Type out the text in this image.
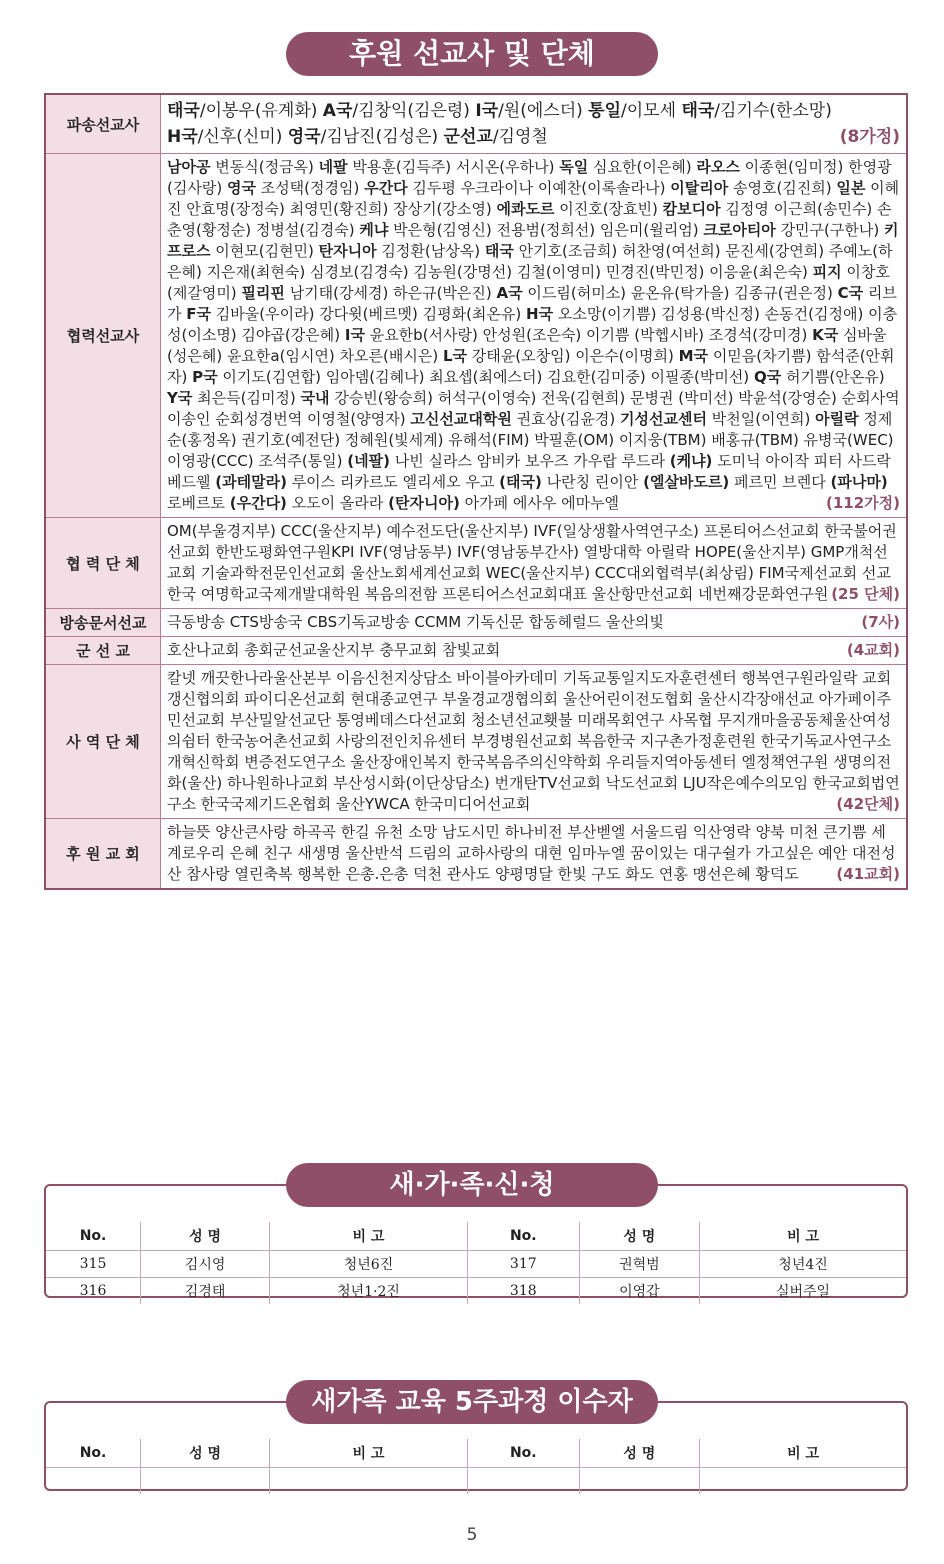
후원 선교사 및 단체
파송선교사	태국/이봉우(유계화) A국/김창익(김은령) I국/원(에스더) 통일/이모세 태국/김기수(한소망)
H국/신후(신미) 영국/김남진(김성은) 군선교/김영철 (8가정)

협력선교사	남아공 변동식(정금옥) 네팔 박용훈(김득주) 서시온(우하나) 독일 심요한(이은혜) 라오스 이종현(임미정) 한영광(김사랑) 영국 조성택(정경임) 우간다 김두평 우크라이나 이예찬(이록솔라나) 이탈리아 송영호(김진희) 일본 이혜진 안효명(장정숙) 최영민(황진희) 장상기(강소영) 에콰도르 이진호(장효빈) 캄보디아 김정영 이근희(송민수) 손춘영(황정순) 정병설(김경숙) 케냐 박은형(김영신) 전용범(정희선) 임은미(윌리엄) 크로아티아 강민구(구한나) 키프로스 이현모(김현민) 탄자니아 김정환(남상옥) 태국 안기호(조금희) 허찬영(여선희) 문진세(강연희) 주예노(하은혜) 지은재(최현숙) 심경보(김경숙) 김농원(강명선) 김철(이영미) 민경진(박민정) 이응윤(최은숙) 피지 이창호(제갈영미) 필리핀 남기태(강세경) 하은규(박은진) A국 이드림(허미소) 윤온유(탁가을) 김종규(권은정) C국 리브가 F국 김바울(우이라) 강다윗(베르멧) 김평화(최온유) H국 오소망(이기쁨) 김성용(박신정) 손동건(김정애) 이충성(이소명) 김야곱(강은혜) I국 윤요한b(서사랑) 안성원(조은숙) 이기쁨 (박헵시바) 조경석(강미경) K국 심바울(성은혜) 윤요한a(임시연) 차오른(배시은) L국 강태윤(오창임) 이은수(이명희) M국 이믿음(차기쁨) 함석준(안휘자) P국 이기도(김연합) 임아뎀(김혜나) 최요셉(최에스더) 김요한(김미중) 이필종(박미선) Q국 허기쁨(안온유) Y국 최은득(김미정) 국내 강승빈(왕승희) 허석구(이영숙) 전욱(김현희) 문병권 (박미선) 박윤석(강영순) 순회사역 이송인 순회성경번역 이영철(양영자) 고신선교대학원 권효상(김윤경) 기성선교센터 박천일(이연희) 아릴락 정제순(홍정옥) 권기호(예전단) 정혜원(빛세계) 유해석(FIM) 박필훈(OM) 이지웅(TBM) 배홍규(TBM) 유병국(WEC) 이영광(CCC) 조석주(통일) (네팔) 나빈 실라스 암비카 보우즈 가우랍 루드라 (케냐) 도미닉 아이작 피터 사드락 베드웰 (과테말라) 루이스 리카르도 엘리세오 우고 (태국) 나란칭 린이안 (엘살바도르) 페르민 브렌다 (파나마) 로베르토 (우간다) 오도이 올라라 (탄자니아) 아가페 에사우 에마누엘 (112가정)

협 력 단 체	OM(부울경지부) CCC(울산지부) 예수전도단(울산지부) IVF(일상생활사역연구소) 프론티어스선교회 한국불어권선교회 한반도평화연구원KPI IVF(영남동부) IVF(영남동부간사) 열방대학 아릴락 HOPE(울산지부) GMP개척선교회 기술과학전문인선교회 울산노회세계선교회 WEC(울산지부) CCC대외협력부(최상림) FIM국제선교회 선교한국 여명학교국제개발대학원 복음의전함 프론티어스선교회대표 울산항만선교회 네번째강문화연구원 (25 단체)

방송문서선교	극동방송 CTS방송국 CBS기독교방송 CCMM 기독신문 합동헤럴드 울산의빛 (7사)

군 선 교	호산나교회 총회군선교울산지부 충무교회 참빛교회 (4교회)

사 역 단 체	칼넷 깨끗한나라울산본부 이음신천지상담소 바이블아카데미 기독교통일지도자훈련센터 행복연구원라일락 교회갱신협의회 파이디온선교회 현대종교연구 부울경교갱협의회 울산어린이전도협회 울산시각장애선교 아가페이주민선교회 부산밀알선교단 통영베데스다선교회 청소년선교횃불 미래목회연구 사목협 무지개마을공동체울산여성의쉼터 한국농어촌선교회 사랑의전인치유센터 부경병원선교회 복음한국 지구촌가정훈련원 한국기독교사연구소 개혁신학회 변증전도연구소 울산장애인복지 한국복음주의신약학회 우리들지역아동센터 엘정책연구원 생명의전화(울산) 하나원하나교회 부산성시화(이단상담소) 번개탄TV선교회 낙도선교회 LJU작은예수의모임 한국교회법연구소 한국국제기드온협회 울산YWCA 한국미디어선교회 (42단체)

후 원 교 회	하늘뜻 양산큰사랑 하곡곡 한길 유천 소망 남도시민 하나비전 부산벧엘 서울드림 익산영락 양북 미천 큰기쁨 세계로우리 은혜 친구 새생명 울산반석 드림의 교하사랑의 대현 임마누엘 꿈이있는 대구쉴가 가고싶은 예안 대전성산 참사랑 열린축복 행복한 은총.은총 덕천 관사도 양평명달 한빛 구도 화도 연홍 맹선은혜 황덕도 (41교회)
No.	성 명	비 고	No.	성 명	비 고
315	김시영	청년6진	317	권혁범	청년4진
316	김경태	청년1·2진	318	이영갑	실버주일
새·가·족·신·청
No.	성 명	비 고	No.	성 명	비 고

새가족 교육 5주과정 이수자
5
